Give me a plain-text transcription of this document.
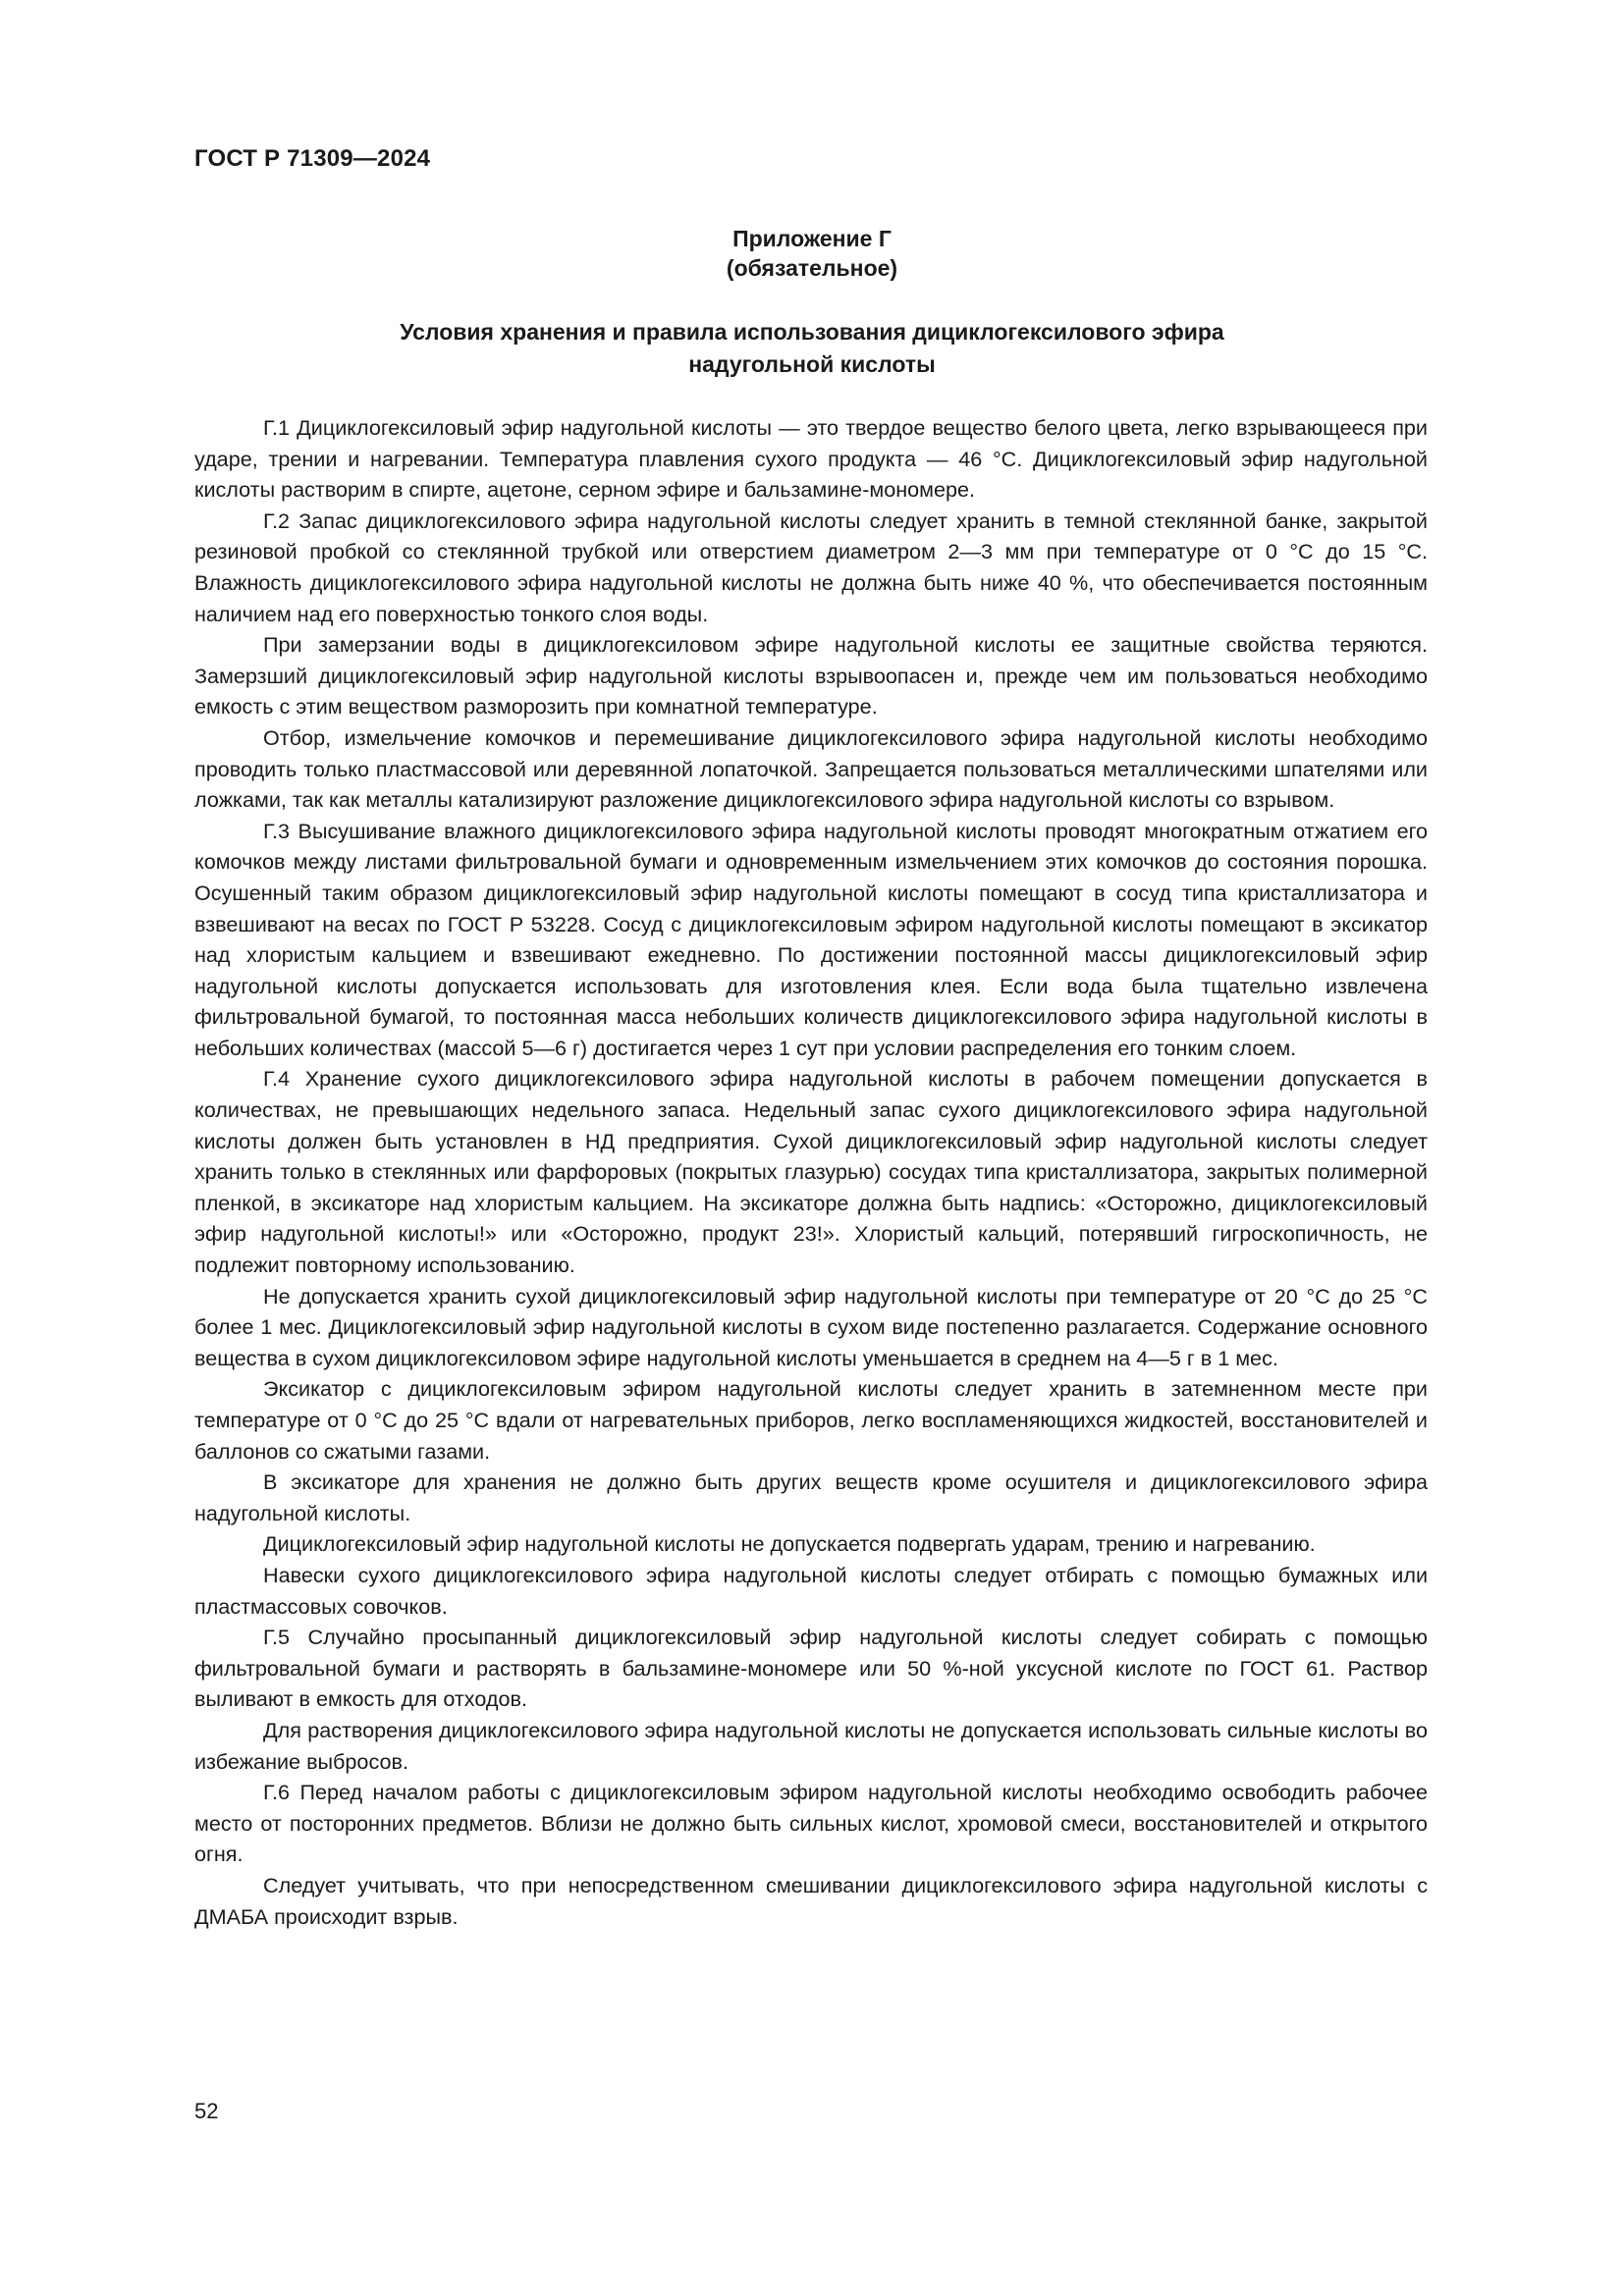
ГОСТ Р 71309—2024
Приложение Г
(обязательное)
Условия хранения и правила использования дициклогексилового эфира
надугольной кислоты

Г.1 Дициклогексиловый эфир надугольной кислоты — это твердое вещество белого цвета, легко взрывающееся при ударе, трении и нагревании. Температура плавления сухого продукта — 46 °С. Дициклогексиловый эфир надугольной кислоты растворим в спирте, ацетоне, серном эфире и бальзамине-мономере.

Г.2 Запас дициклогексилового эфира надугольной кислоты следует хранить в темной стеклянной банке, закрытой резиновой пробкой со стеклянной трубкой или отверстием диаметром 2—3 мм при температуре от 0 °С до 15 °С. Влажность дициклогексилового эфира надугольной кислоты не должна быть ниже 40 %, что обеспечивается постоянным наличием над его поверхностью тонкого слоя воды.

При замерзании воды в дициклогексиловом эфире надугольной кислоты ее защитные свойства теряются. Замерзший дициклогексиловый эфир надугольной кислоты взрывоопасен и, прежде чем им пользоваться необходимо емкость с этим веществом разморозить при комнатной температуре.

Отбор, измельчение комочков и перемешивание дициклогексилового эфира надугольной кислоты необходимо проводить только пластмассовой или деревянной лопаточкой. Запрещается пользоваться металлическими шпателями или ложками, так как металлы катализируют разложение дициклогексилового эфира надугольной кислоты со взрывом.

Г.3 Высушивание влажного дициклогексилового эфира надугольной кислоты проводят многократным отжатием его комочков между листами фильтровальной бумаги и одновременным измельчением этих комочков до состояния порошка. Осушенный таким образом дициклогексиловый эфир надугольной кислоты помещают в сосуд типа кристаллизатора и взвешивают на весах по ГОСТ Р 53228. Сосуд с дициклогексиловым эфиром надугольной кислоты помещают в эксикатор над хлористым кальцием и взвешивают ежедневно. По достижении постоянной массы дициклогексиловый эфир надугольной кислоты допускается использовать для изготовления клея. Если вода была тщательно извлечена фильтровальной бумагой, то постоянная масса небольших количеств дициклогексилового эфира надугольной кислоты в небольших количествах (массой 5—6 г) достигается через 1 сут при условии распределения его тонким слоем.

Г.4 Хранение сухого дициклогексилового эфира надугольной кислоты в рабочем помещении допускается в количествах, не превышающих недельного запаса. Недельный запас сухого дициклогексилового эфира надугольной кислоты должен быть установлен в НД предприятия. Сухой дициклогексиловый эфир надугольной кислоты следует хранить только в стеклянных или фарфоровых (покрытых глазурью) сосудах типа кристаллизатора, закрытых полимерной пленкой, в эксикаторе над хлористым кальцием. На эксикаторе должна быть надпись: «Осторожно, дициклогексиловый эфир надугольной кислоты!» или «Осторожно, продукт 23!». Хлористый кальций, потерявший гигроскопичность, не подлежит повторному использованию.

Не допускается хранить сухой дициклогексиловый эфир надугольной кислоты при температуре от 20 °С до 25 °С более 1 мес. Дициклогексиловый эфир надугольной кислоты в сухом виде постепенно разлагается. Содержание основного вещества в сухом дициклогексиловом эфире надугольной кислоты уменьшается в среднем на 4—5 г в 1 мес.

Эксикатор с дициклогексиловым эфиром надугольной кислоты следует хранить в затемненном месте при температуре от 0 °С до 25 °С вдали от нагревательных приборов, легко воспламеняющихся жидкостей, восстановителей и баллонов со сжатыми газами.

В эксикаторе для хранения не должно быть других веществ кроме осушителя и дициклогексилового эфира надугольной кислоты.

Дициклогексиловый эфир надугольной кислоты не допускается подвергать ударам, трению и нагреванию.

Навески сухого дициклогексилового эфира надугольной кислоты следует отбирать с помощью бумажных или пластмассовых совочков.

Г.5 Случайно просыпанный дициклогексиловый эфир надугольной кислоты следует собирать с помощью фильтровальной бумаги и растворять в бальзамине-мономере или 50 %-ной уксусной кислоте по ГОСТ 61. Раствор выливают в емкость для отходов.

Для растворения дициклогексилового эфира надугольной кислоты не допускается использовать сильные кислоты во избежание выбросов.

Г.6 Перед началом работы с дициклогексиловым эфиром надугольной кислоты необходимо освободить рабочее место от посторонних предметов. Вблизи не должно быть сильных кислот, хромовой смеси, восстановителей и открытого огня.

Следует учитывать, что при непосредственном смешивании дициклогексилового эфира надугольной кислоты с ДМАБА происходит взрыв.

52
